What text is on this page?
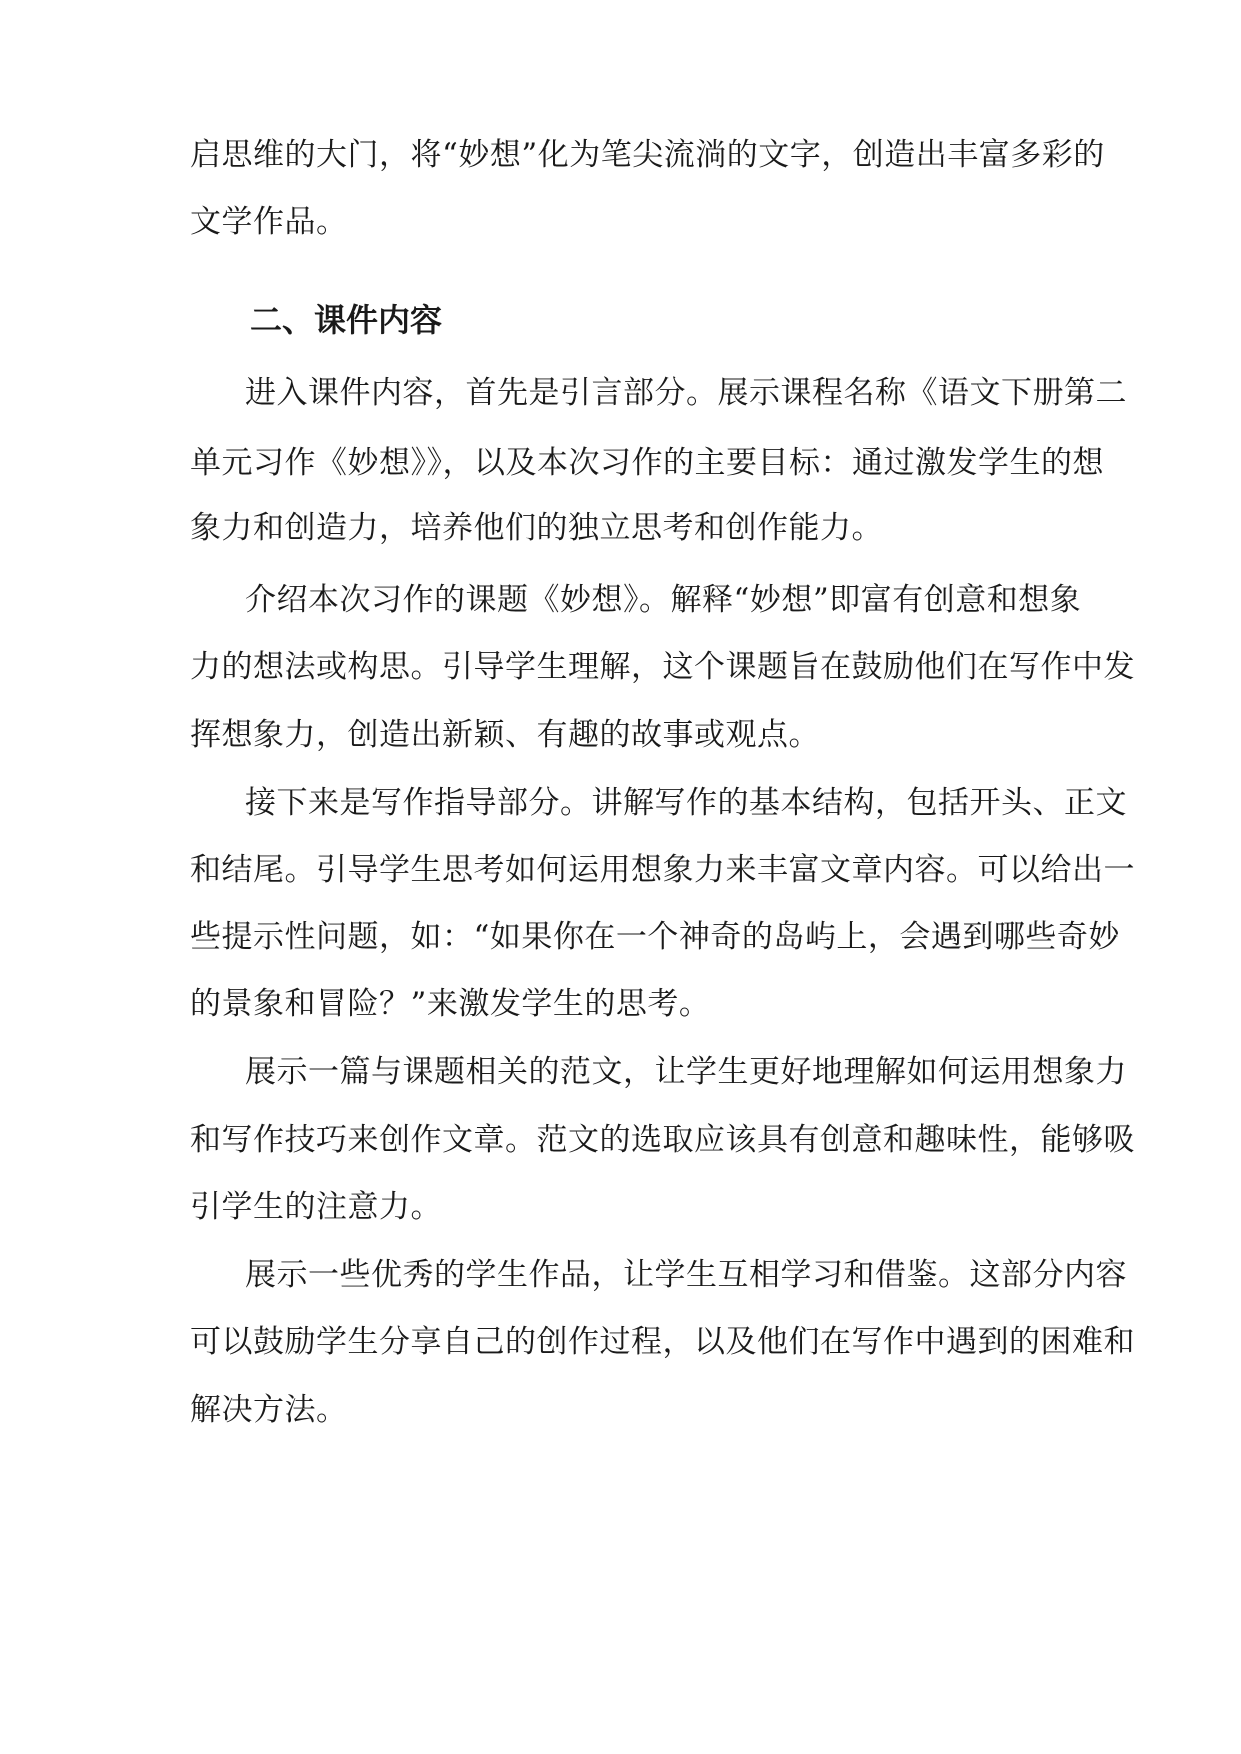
启思维的大门，将“妙想”化为笔尖流淌的文字，创造出丰富多彩的
文学作品。
二、课件内容
进入课件内容，首先是引言部分。展示课程名称《语文下册第二
单元习作《妙想》》，以及本次习作的主要目标：通过激发学生的想
象力和创造力，培养他们的独立思考和创作能力。
介绍本次习作的课题《妙想》。解释“妙想”即富有创意和想象
力的想法或构思。引导学生理解，这个课题旨在鼓励他们在写作中发
挥想象力，创造出新颖、有趣的故事或观点。
接下来是写作指导部分。讲解写作的基本结构，包括开头、正文
和结尾。引导学生思考如何运用想象力来丰富文章内容。可以给出一
些提示性问题，如：“如果你在一个神奇的岛屿上，会遇到哪些奇妙
的景象和冒险？”来激发学生的思考。
展示一篇与课题相关的范文，让学生更好地理解如何运用想象力
和写作技巧来创作文章。范文的选取应该具有创意和趣味性，能够吸
引学生的注意力。
展示一些优秀的学生作品，让学生互相学习和借鉴。这部分内容
可以鼓励学生分享自己的创作过程，以及他们在写作中遇到的困难和
解决方法。
